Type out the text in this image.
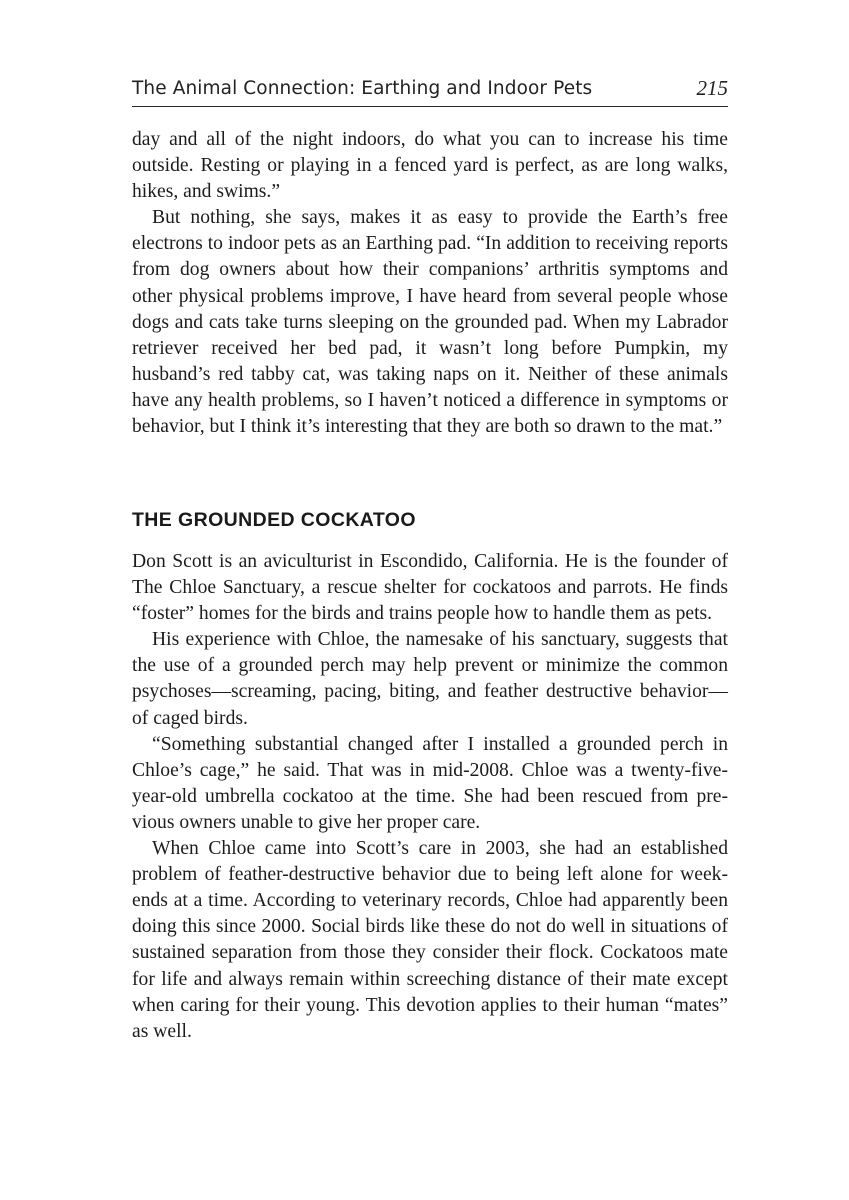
The Animal Connection: Earthing and Indoor Pets	215

day and all of the night indoors, do what you can to increase his time outside. Resting or playing in a fenced yard is perfect, as are long walks, hikes, and swims.”

But nothing, she says, makes it as easy to provide the Earth’s free electrons to indoor pets as an Earthing pad. “In addition to receiving reports from dog owners about how their companions’ arthritis symptoms and other physical problems improve, I have heard from several people whose dogs and cats take turns sleeping on the grounded pad. When my Labrador retriever received her bed pad, it wasn’t long before Pumpkin, my husband’s red tabby cat, was taking naps on it. Neither of these animals have any health problems, so I haven’t noticed a difference in symptoms or behavior, but I think it’s interesting that they are both so drawn to the mat.”

THE GROUNDED COCKATOO

Don Scott is an aviculturist in Escondido, California. He is the founder of The Chloe Sanctuary, a rescue shelter for cockatoos and parrots. He finds “foster” homes for the birds and trains people how to handle them as pets.

His experience with Chloe, the namesake of his sanctuary, suggests that the use of a grounded perch may help prevent or minimize the common psychoses—screaming, pacing, biting, and feather destructive behavior— of caged birds.

“Something substantial changed after I installed a grounded perch in Chloe’s cage,” he said. That was in mid-2008. Chloe was a twenty-fiveyear-old umbrella cockatoo at the time. She had been rescued from previous owners unable to give her proper care.

When Chloe came into Scott’s care in 2003, she had an established problem of feather-destructive behavior due to being left alone for weekends at a time. According to veterinary records, Chloe had apparently been doing this since 2000. Social birds like these do not do well in situations of sustained separation from those they consider their flock. Cockatoos mate for life and always remain within screeching distance of their mate except when caring for their young. This devotion applies to their human “mates” as well.
